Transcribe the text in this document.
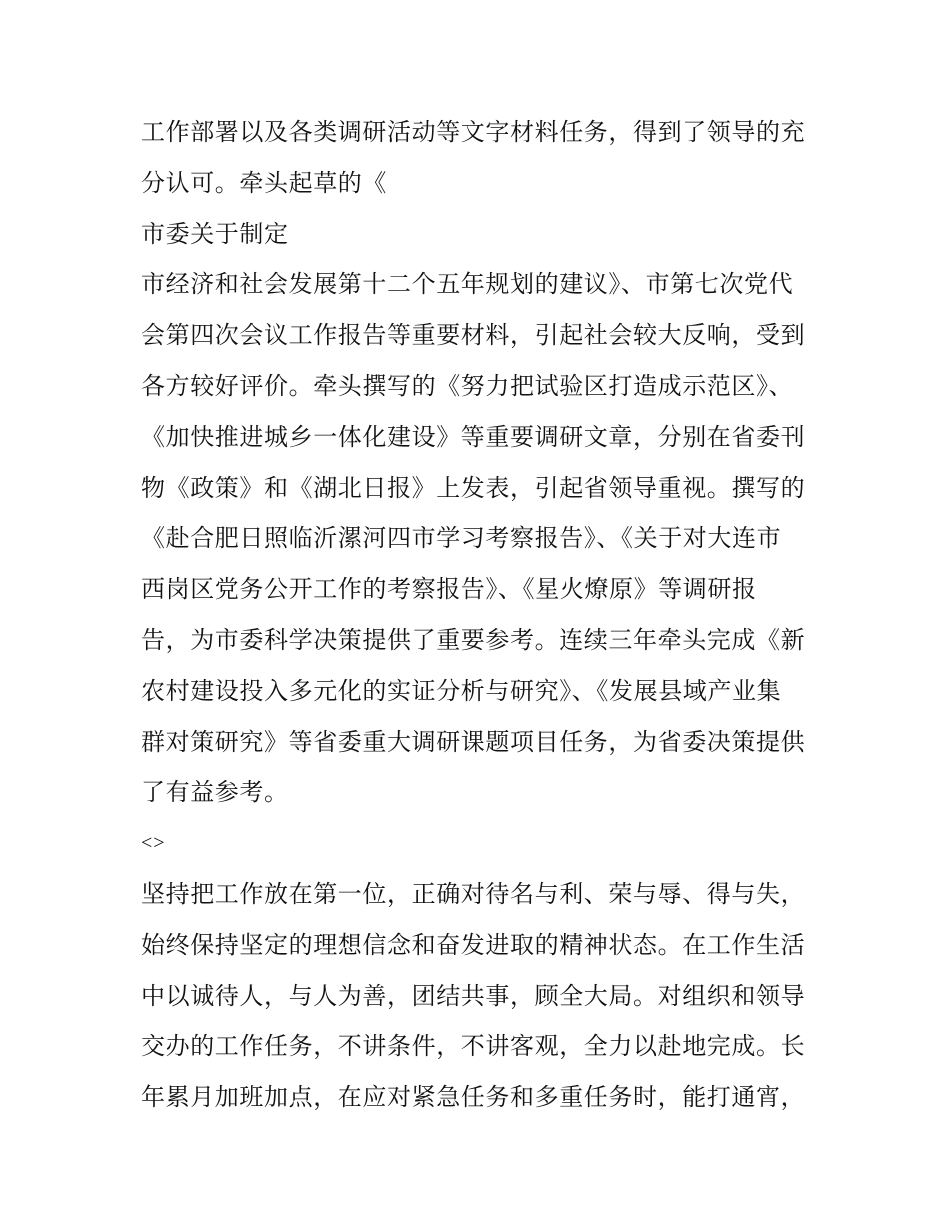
工作部署以及各类调研活动等文字材料任务，得到了领导的充
分认可。牵头起草的《
市委关于制定
市经济和社会发展第十二个五年规划的建议》、市第七次党代
会第四次会议工作报告等重要材料，引起社会较大反响，受到
各方较好评价。牵头撰写的《努力把试验区打造成示范区》、
《加快推进城乡一体化建设》等重要调研文章，分别在省委刊
物《政策》和《湖北日报》上发表，引起省领导重视。撰写的
《赴合肥日照临沂漯河四市学习考察报告》、《关于对大连市
西岗区党务公开工作的考察报告》、《星火燎原》等调研报
告，为市委科学决策提供了重要参考。连续三年牵头完成《新
农村建设投入多元化的实证分析与研究》、《发展县域产业集
群对策研究》等省委重大调研课题项目任务，为省委决策提供
了有益参考。
<>
坚持把工作放在第一位，正确对待名与利、荣与辱、得与失，
始终保持坚定的理想信念和奋发进取的精神状态。在工作生活
中以诚待人，与人为善，团结共事，顾全大局。对组织和领导
交办的工作任务，不讲条件，不讲客观，全力以赴地完成。长
年累月加班加点，在应对紧急任务和多重任务时，能打通宵，
